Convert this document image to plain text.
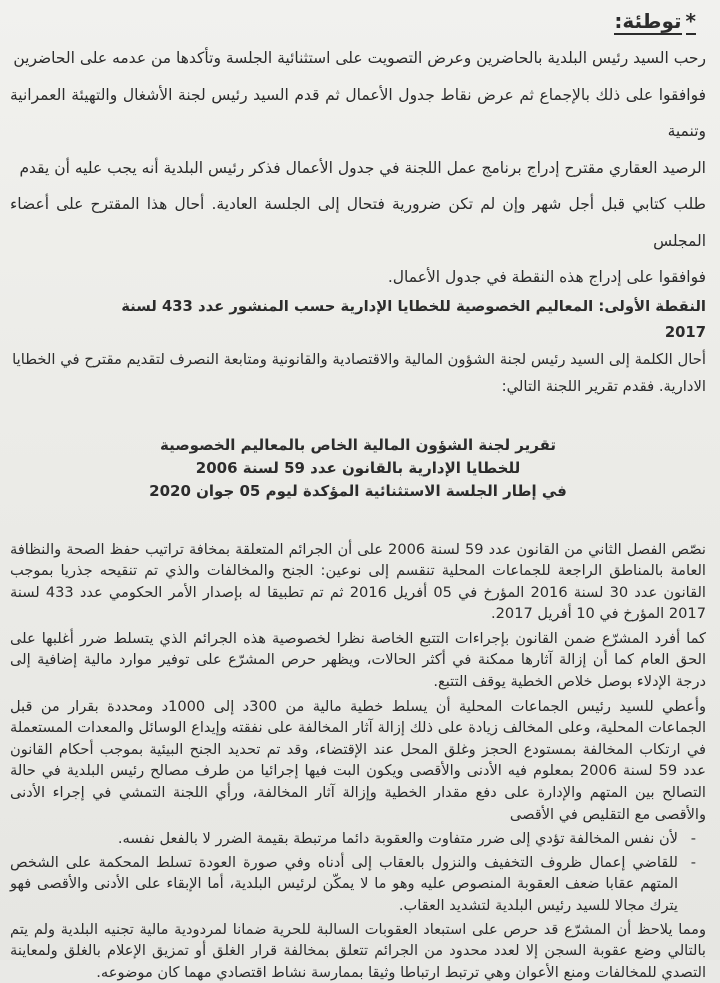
*توطئة:

رحب السيد رئيس البلدية بالحاضرين وعرض التصويت على استثنائية الجلسة وتأكدها من عدمه على الحاضرين

فوافقوا على ذلك بالإجماع ثم عرض نقاط جدول الأعمال ثم قدم السيد رئيس لجنة الأشغال والتهيئة العمرانية وتنمية

الرصيد العقاري مقترح إدراج برنامج عمل اللجنة في جدول الأعمال فذكر رئيس البلدية أنه يجب عليه أن يقدم

طلب كتابي قبل أجل شهر وإن لم تكن ضرورية فتحال إلى الجلسة العادية. أحال هذا المقترح على أعضاء المجلس

فوافقوا على إدراج هذه النقطة في جدول الأعمال.

النقطة الأولى: المعاليم الخصوصية للخطايا الإدارية حسب المنشور عدد 433 لسنة

2017

أحال الكلمة إلى السيد رئيس لجنة الشؤون المالية والاقتصادية والقانونية ومتابعة النصرف لتقديم مقترح في الخطايا

الادارية. فقدم تقرير اللجنة التالي:

تقرير لجنة الشؤون المالية الخاص بالمعاليم الخصوصية
للخطايا الإدارية بالقانون عدد 59 لسنة 2006
في إطار الجلسة الاستثنائية المؤكدة ليوم 05 جوان 2020

نصّص الفصل الثاني من القانون عدد 59 لسنة 2006 على أن الجرائم المتعلقة بمخافة تراتيب حفظ الصحة والنظافة العامة بالمناطق الراجعة للجماعات المحلية تنقسم إلى نوعين: الجنح والمخالفات والذي تم تنقيحه جذريا بموجب القانون عدد 30 لسنة 2016 المؤرخ في 05 أفريل 2016 ثم تم تطبيقا له بإصدار الأمر الحكومي عدد 433 لسنة 2017 المؤرخ في 10 أفريل 2017.

كما أفرد المشرّع ضمن القانون بإجراءات التتبع الخاصة نظرا لخصوصية هذه الجرائم الذي يتسلط ضرر أغلبها على الحق العام كما أن إزالة آثارها ممكنة في أكثر الحالات، ويظهر حرص المشرّع على توفير موارد مالية إضافية إلى درجة الإدلاء بوصل خلاص الخطية يوقف التتبع.

وأعطي للسيد رئيس الجماعات المحلية أن يسلط خطية مالية من 300د إلى 1000د ومحددة بقرار من قبل الجماعات المحلية، وعلى المخالف زيادة على ذلك إزالة آثار المخالفة على نفقته وإيداع الوسائل والمعدات المستعملة في ارتكاب المخالفة بمستودع الحجز وغلق المحل عند الإقتضاء، وقد تم تحديد الجنح البيئية بموجب أحكام القانون عدد 59 لسنة 2006 بمعلوم فيه الأدنى والأقصى ويكون البت فيها إجرائيا من طرف مصالح رئيس البلدية في حالة التصالح بين المتهم والإدارة على دفع مقدار الخطية وإزالة آثار المخالفة، ورأي اللجنة التمشي في إجراء الأدنى والأقصى مع التقليص في الأقصى

-
لأن نفس المخالفة تؤدي إلى ضرر متفاوت والعقوبة دائما مرتبطة بقيمة الضرر لا بالفعل نفسه.
-
للقاضي إعمال ظروف التخفيف والنزول بالعقاب إلى أدناه وفي صورة العودة تسلط المحكمة على الشخص المتهم عقابا ضعف العقوبة المنصوص عليه وهو ما لا يمكّن لرئيس البلدية، أما الإبقاء على الأدنى والأقصى فهو يترك مجالا للسيد رئيس البلدية لتشديد العقاب.

ومما يلاحظ أن المشرّع قد حرص على استبعاد العقوبات السالبة للحرية ضمانا لمردودية مالية تجنيه البلدية ولم يتم بالتالي وضع عقوبة السجن إلا لعدد محدود من الجرائم تتعلق بمخالفة قرار الغلق أو تمزيق الإعلام بالغلق ولمعاينة التصدي للمخالفات ومنع الأعوان وهي ترتبط ارتباطا وثيقا بممارسة نشاط اقتصادي مهما كان موضوعه.
